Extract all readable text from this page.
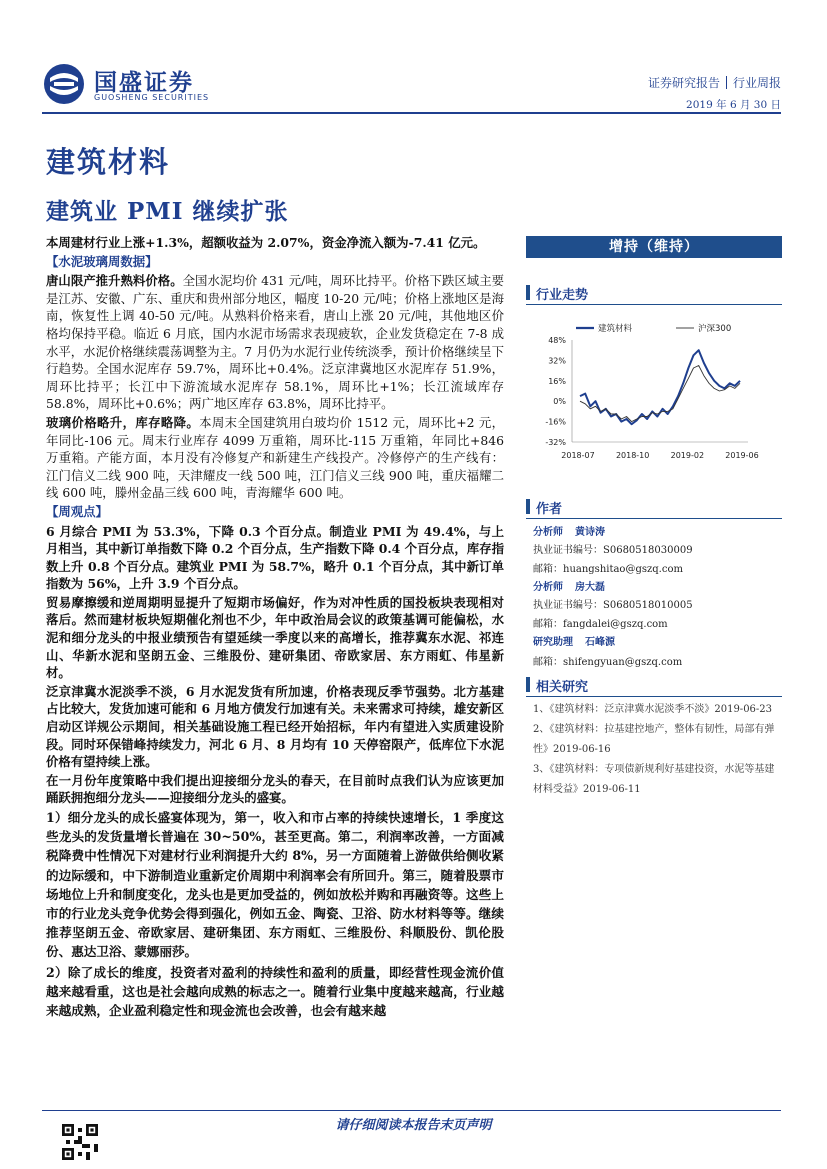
国盛证券
GUOSHENG SECURITIES
证券研究报告 行业周报
2019 年 6 月 30 日
建筑材料
建筑业 PMI 继续扩张

本周建材行业上涨+1.3%，超额收益为 2.07%，资金净流入额为-7.41 亿元。

【水泥玻璃周数据】

唐山限产推升熟料价格。全国水泥均价 431 元/吨，周环比持平。价格下跌区域主要是江苏、安徽、广东、重庆和贵州部分地区，幅度 10-20 元/吨；价格上涨地区是海南，恢复性上调 40-50 元/吨。从熟料价格来看，唐山上涨 20 元/吨，其他地区价格均保持平稳。临近 6 月底，国内水泥市场需求表现疲软，企业发货稳定在 7-8 成水平，水泥价格继续震荡调整为主。7 月仍为水泥行业传统淡季，预计价格继续呈下行趋势。全国水泥库存 59.7%，周环比+0.4%。泛京津冀地区水泥库存 51.9%，周环比持平；长江中下游流域水泥库存 58.1%，周环比+1%；长江流域库存 58.8%，周环比+0.6%；两广地区库存 63.8%，周环比持平。

玻璃价格略升，库存略降。本周末全国建筑用白玻均价 1512 元，周环比+2 元，年同比-106 元。周末行业库存 4099 万重箱，周环比-115 万重箱，年同比+846 万重箱。产能方面，本月没有冷修复产和新建生产线投产。冷修停产的生产线有：江门信义二线 900 吨，天津耀皮一线 500 吨，江门信义三线 900 吨，重庆福耀二线 600 吨，滕州金晶三线 600 吨，青海耀华 600 吨。

【周观点】

6 月综合 PMI 为 53.3%，下降 0.3 个百分点。制造业 PMI 为 49.4%，与上月相当，其中新订单指数下降 0.2 个百分点，生产指数下降 0.4 个百分点，库存指数上升 0.8 个百分点。建筑业 PMI 为 58.7%，略升 0.1 个百分点，其中新订单指数为 56%，上升 3.9 个百分点。

贸易摩擦缓和逆周期明显提升了短期市场偏好，作为对冲性质的国投板块表现相对落后。然而建材板块短期催化剂也不少，年中政治局会议的政策基调可能偏松，水泥和细分龙头的中报业绩预告有望延续一季度以来的高增长，推荐冀东水泥、祁连山、华新水泥和坚朗五金、三维股份、建研集团、帝欧家居、东方雨虹、伟星新材。

泛京津冀水泥淡季不淡，6 月水泥发货有所加速，价格表现反季节强势。北方基建占比较大，发货加速可能和 6 月地方债发行加速有关。未来需求可持续，雄安新区启动区详规公示期间，相关基础设施工程已经开始招标，年内有望进入实质建设阶段。同时环保错峰持续发力，河北 6 月、8 月均有 10 天停窑限产，低库位下水泥价格有望持续上涨。

在一月份年度策略中我们提出迎接细分龙头的春天，在目前时点我们认为应该更加踊跃拥抱细分龙头——迎接细分龙头的盛宴。

1）细分龙头的成长盛宴体现为，第一，收入和市占率的持续快速增长，1 季度这些龙头的发货量增长普遍在 30~50%，甚至更高。第二，利润率改善，一方面减税降费中性情况下对建材行业利润提升大约 8%，另一方面随着上游做供给侧收紧的边际缓和，中下游制造业重新定价周期中利润率会有所回升。第三，随着股票市场地位上升和制度变化，龙头也是更加受益的，例如放松并购和再融资等。这些上市的行业龙头竞争优势会得到强化，例如五金、陶瓷、卫浴、防水材料等等。继续推荐坚朗五金、帝欧家居、建研集团、东方雨虹、三维股份、科顺股份、凯伦股份、惠达卫浴、蒙娜丽莎。

2）除了成长的维度，投资者对盈利的持续性和盈利的质量，即经营性现金流价值越来越看重，这也是社会越向成熟的标志之一。随着行业集中度越来越高，行业越来越成熟，企业盈利稳定性和现金流也会改善，也会有越来越

增持（维持）
行业走势
建筑材料	沪深300
48%
32%
16%
0%
-16%
-32%
2018-07	2018-10	2019-02	2019-06
作者
分析师 黄诗涛
执业证书编号：S0680518030009
邮箱：huangshitao@gszq.com
分析师 房大磊
执业证书编号：S0680518010005
邮箱：fangdalei@gszq.com
研究助理 石峰源
邮箱：shifengyuan@gszq.com
相关研究
1、《建筑材料：泛京津冀水泥淡季不淡》2019-06-23
2、《建筑材料：拉基建控地产，整体有韧性，局部有弹性》2019-06-16
3、《建筑材料：专项债新规利好基建投资，水泥等基建材料受益》2019-06-11
请仔细阅读本报告末页声明
